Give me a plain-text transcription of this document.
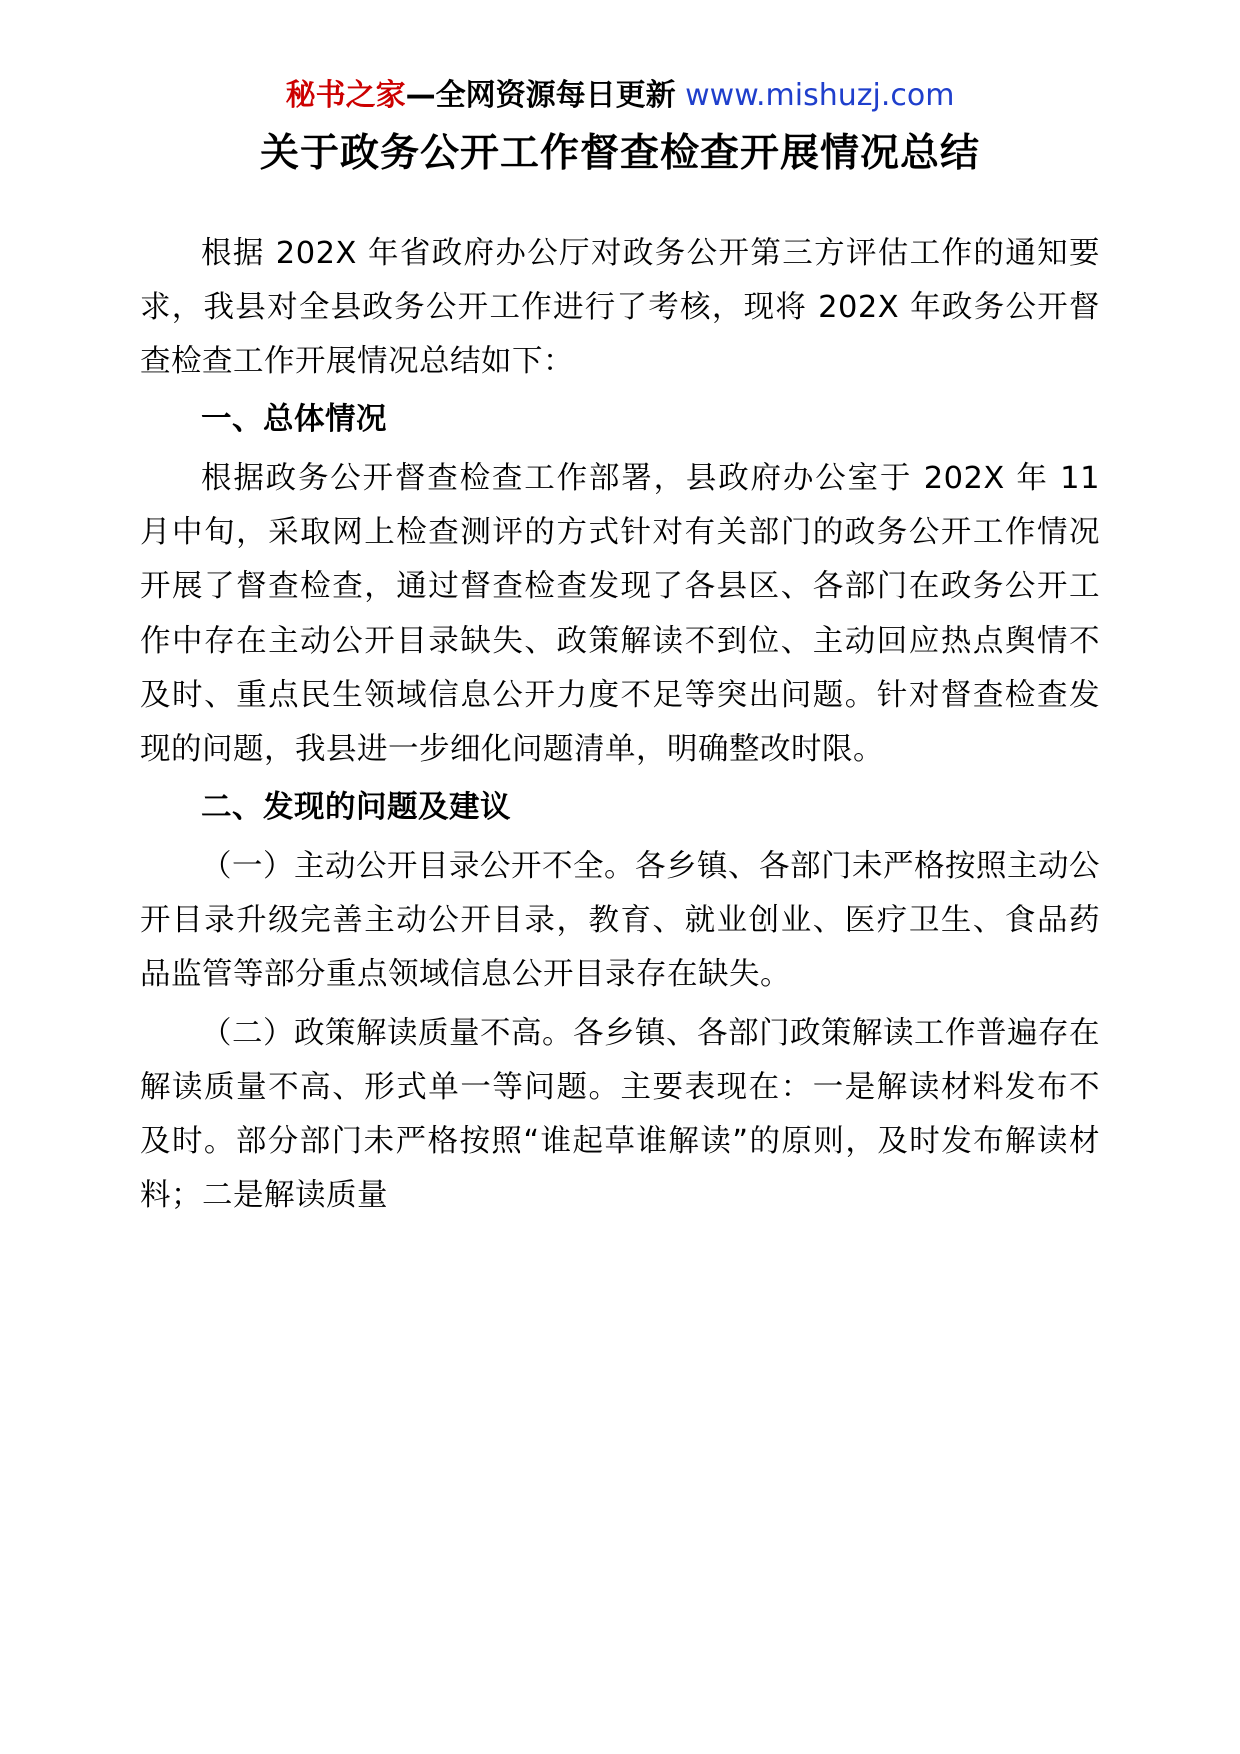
秘书之家—全网资源每日更新 www.mishuzj.com
关于政务公开工作督查检查开展情况总结

根据 202X 年省政府办公厅对政务公开第三方评估工作的通知要求，我县对全县政务公开工作进行了考核，现将 202X 年政务公开督查检查工作开展情况总结如下：

一、总体情况

根据政务公开督查检查工作部署，县政府办公室于 202X 年 11 月中旬，采取网上检查测评的方式针对有关部门的政务公开工作情况开展了督查检查，通过督查检查发现了各县区、各部门在政务公开工作中存在主动公开目录缺失、政策解读不到位、主动回应热点舆情不及时、重点民生领域信息公开力度不足等突出问题。针对督查检查发现的问题，我县进一步细化问题清单，明确整改时限。

二、发现的问题及建议

（一）主动公开目录公开不全。各乡镇、各部门未严格按照主动公开目录升级完善主动公开目录，教育、就业创业、医疗卫生、食品药品监管等部分重点领域信息公开目录存在缺失。

（二）政策解读质量不高。各乡镇、各部门政策解读工作普遍存在解读质量不高、形式单一等问题。主要表现在：一是解读材料发布不及时。部分部门未严格按照“谁起草谁解读”的原则，及时发布解读材料；二是解读质量
